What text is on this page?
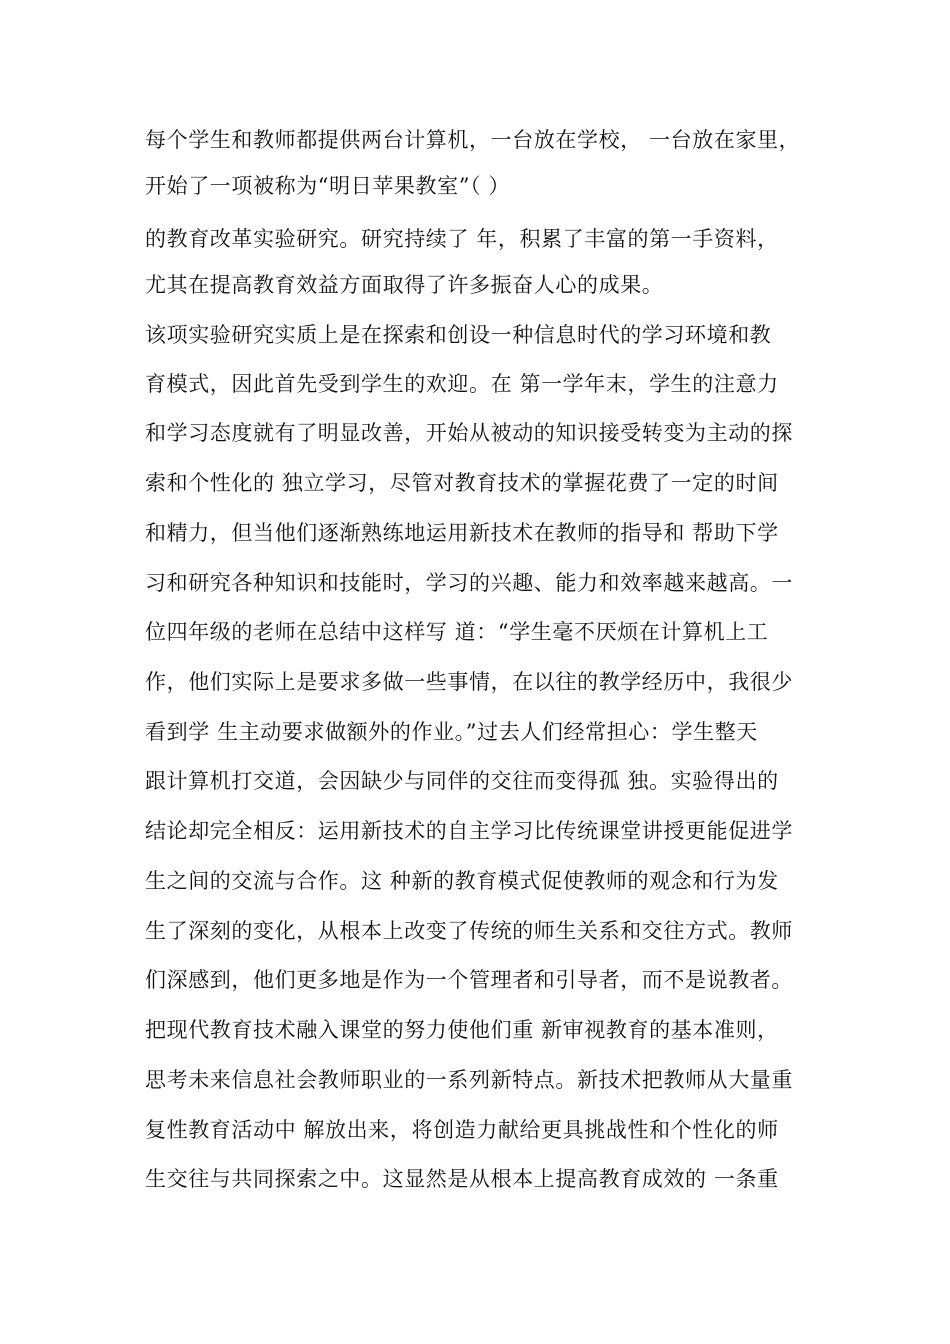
每个学生和教师都提供两台计算机，一台放在学校， 一台放在家里，
开始了一项被称为“明日苹果教室”（ ）
的教育改革实验研究。研究持续了 年，积累了丰富的第一手资料，
尤其在提高教育效益方面取得了许多振奋人心的成果。
该项实验研究实质上是在探索和创设一种信息时代的学习环境和教
育模式，因此首先受到学生的欢迎。在 第一学年末，学生的注意力
和学习态度就有了明显改善，开始从被动的知识接受转变为主动的探
索和个性化的 独立学习，尽管对教育技术的掌握花费了一定的时间
和精力，但当他们逐渐熟练地运用新技术在教师的指导和 帮助下学
习和研究各种知识和技能时，学习的兴趣、能力和效率越来越高。一
位四年级的老师在总结中这样写 道：“学生毫不厌烦在计算机上工
作，他们实际上是要求多做一些事情，在以往的教学经历中，我很少
看到学 生主动要求做额外的作业。”过去人们经常担心：学生整天
跟计算机打交道，会因缺少与同伴的交往而变得孤 独。实验得出的
结论却完全相反：运用新技术的自主学习比传统课堂讲授更能促进学
生之间的交流与合作。这 种新的教育模式促使教师的观念和行为发
生了深刻的变化，从根本上改变了传统的师生关系和交往方式。教师
们深感到，他们更多地是作为一个管理者和引导者，而不是说教者。
把现代教育技术融入课堂的努力使他们重 新审视教育的基本准则，
思考未来信息社会教师职业的一系列新特点。新技术把教师从大量重
复性教育活动中 解放出来，将创造力献给更具挑战性和个性化的师
生交往与共同探索之中。这显然是从根本上提高教育成效的 一条重
